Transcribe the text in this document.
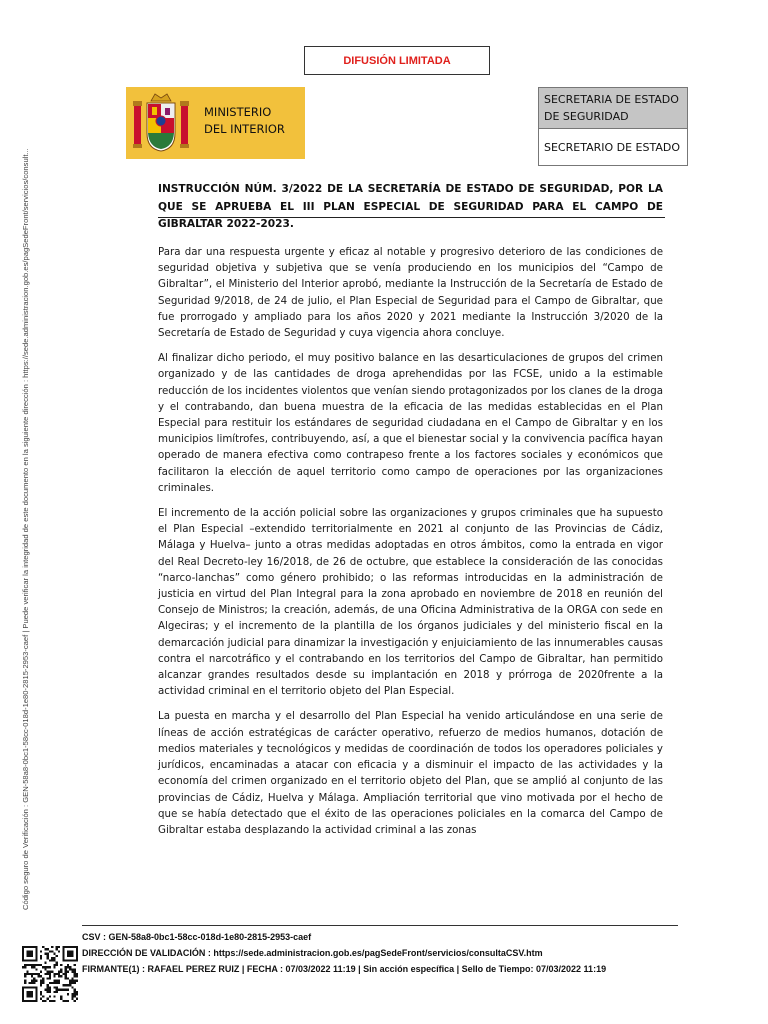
Código seguro de Verificación : GEN-58a8-0bc1-58cc-018d-1e80-2815-2953-caef | Puede verificar la integridad de este documento en la siguiente dirección : https://sede.administracion.gob.es/pagSedeFront/servicios/consult...
DIFUSIÓN LIMITADA
MINISTERIO
DEL INTERIOR
SECRETARIA DE ESTADO DE SEGURIDAD
SECRETARIO DE ESTADO
INSTRUCCIÓN NÚM. 3/2022 DE LA SECRETARÍA DE ESTADO DE SEGURIDAD, POR LA QUE SE APRUEBA EL III PLAN ESPECIAL DE SEGURIDAD PARA EL CAMPO DE GIBRALTAR 2022-2023.

Para dar una respuesta urgente y eficaz al notable y progresivo deterioro de las condiciones de seguridad objetiva y subjetiva que se venía produciendo en los municipios del “Campo de Gibraltar”, el Ministerio del Interior aprobó, mediante la Instrucción de la Secretaría de Estado de Seguridad 9/2018, de 24 de julio, el Plan Especial de Seguridad para el Campo de Gibraltar, que fue prorrogado y ampliado para los años 2020 y 2021 mediante la Instrucción 3/2020 de la Secretaría de Estado de Seguridad y cuya vigencia ahora concluye.

Al finalizar dicho periodo, el muy positivo balance en las desarticulaciones de grupos del crimen organizado y de las cantidades de droga aprehendidas por las FCSE, unido a la estimable reducción de los incidentes violentos que venían siendo protagonizados por los clanes de la droga y el contrabando, dan buena muestra de la eficacia de las medidas establecidas en el Plan Especial para restituir los estándares de seguridad ciudadana en el Campo de Gibraltar y en los municipios limítrofes, contribuyendo, así, a que el bienestar social y la convivencia pacífica hayan operado de manera efectiva como contrapeso frente a los factores sociales y económicos que facilitaron la elección de aquel territorio como campo de operaciones por las organizaciones criminales.

El incremento de la acción policial sobre las organizaciones y grupos criminales que ha supuesto el Plan Especial –extendido territorialmente en 2021 al conjunto de las Provincias de Cádiz, Málaga y Huelva– junto a otras medidas adoptadas en otros ámbitos, como la entrada en vigor del Real Decreto-ley 16/2018, de 26 de octubre, que establece la consideración de las conocidas “narco-lanchas” como género prohibido; o las reformas introducidas en la administración de justicia en virtud del Plan Integral para la zona aprobado en noviembre de 2018 en reunión del Consejo de Ministros; la creación, además, de una Oficina Administrativa de la ORGA con sede en Algeciras; y el incremento de la plantilla de los órganos judiciales y del ministerio fiscal en la demarcación judicial para dinamizar la investigación y enjuiciamiento de las innumerables causas contra el narcotráfico y el contrabando en los territorios del Campo de Gibraltar, han permitido alcanzar grandes resultados desde su implantación en 2018 y prórroga de 2020frente a la actividad criminal en el territorio objeto del Plan Especial.

La puesta en marcha y el desarrollo del Plan Especial ha venido articulándose en una serie de líneas de acción estratégicas de carácter operativo, refuerzo de medios humanos, dotación de medios materiales y tecnológicos y medidas de coordinación de todos los operadores policiales y jurídicos, encaminadas a atacar con eficacia y a disminuir el impacto de las actividades y la economía del crimen organizado en el territorio objeto del Plan, que se amplió al conjunto de las provincias de Cádiz, Huelva y Málaga. Ampliación territorial que vino motivada por el hecho de que se había detectado que el éxito de las operaciones policiales en la comarca del Campo de Gibraltar estaba desplazando la actividad criminal a las zonas

CSV : GEN-58a8-0bc1-58cc-018d-1e80-2815-2953-caef
DIRECCIÓN DE VALIDACIÓN : https://sede.administracion.gob.es/pagSedeFront/servicios/consultaCSV.htm
FIRMANTE(1) : RAFAEL PEREZ RUIZ | FECHA : 07/03/2022 11:19 | Sin acción específica | Sello de Tiempo: 07/03/2022 11:19
